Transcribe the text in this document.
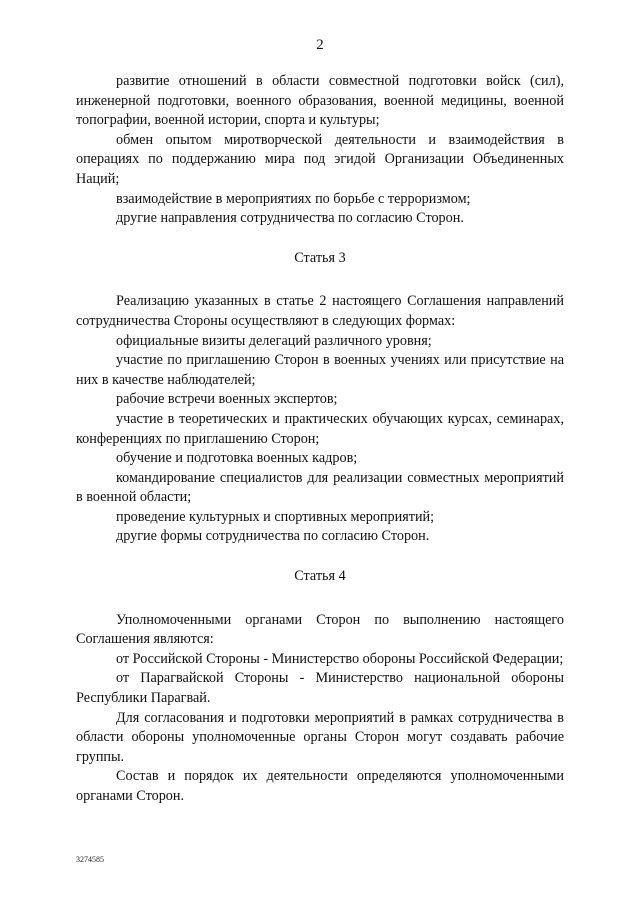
2

развитие отношений в области совместной подготовки войск (сил), инженерной подготовки, военного образования, военной медицины, военной топографии, военной истории, спорта и культуры;

обмен опытом миротворческой деятельности и взаимодействия в операциях по поддержанию мира под эгидой Организации Объединенных Наций;

взаимодействие в мероприятиях по борьбе с терроризмом;

другие направления сотрудничества по согласию Сторон.

Статья 3

Реализацию указанных в статье 2 настоящего Соглашения направлений сотрудничества Стороны осуществляют в следующих формах:

официальные визиты делегаций различного уровня;

участие по приглашению Сторон в военных учениях или присутствие на них в качестве наблюдателей;

рабочие встречи военных экспертов;

участие в теоретических и практических обучающих курсах, семинарах, конференциях по приглашению Сторон;

обучение и подготовка военных кадров;

командирование специалистов для реализации совместных мероприятий в военной области;

проведение культурных и спортивных мероприятий;

другие формы сотрудничества по согласию Сторон.

Статья 4

Уполномоченными органами Сторон по выполнению настоящего Соглашения являются:

от Российской Стороны - Министерство обороны Российской Федерации;

от Парагвайской Стороны - Министерство национальной обороны Республики Парагвай.

Для согласования и подготовки мероприятий в рамках сотрудничества в области обороны уполномоченные органы Сторон могут создавать рабочие группы.

Состав и порядок их деятельности определяются уполномоченными органами Сторон.

3274585
